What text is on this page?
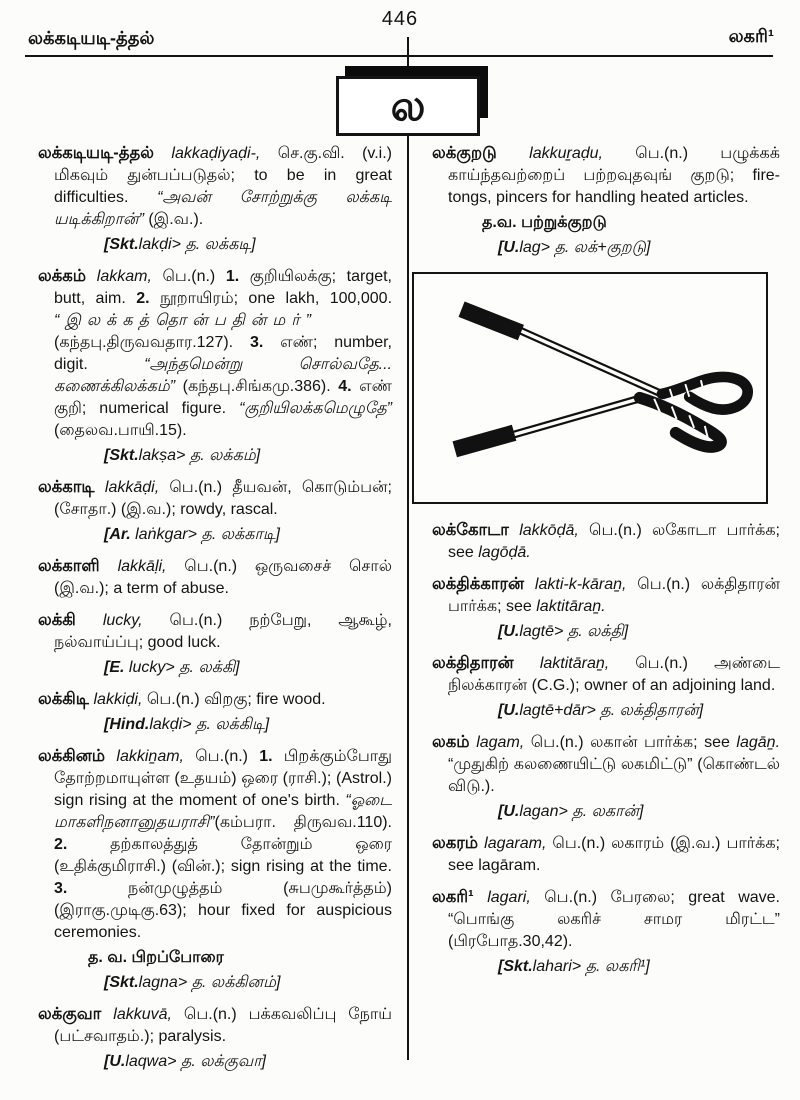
லக்கடியடி-த்தல்
446
லகரி¹
ல

லக்கடியடி-த்தல் lakkaḍiyaḍi-, செ.கு.வி. (v.i.) மிகவும் துன்பப்படுதல்; to be in great difficulties. “அவன் சோற்றுக்கு லக்கடி யடிக்கிறான்” (இ.வ.).

[Skt.lakḍi> த. லக்கடி]

லக்கம் lakkam, பெ.(n.) 1. குறியிலக்கு; target, butt, aim. 2. நூறாயிரம்; one lakh, 100,000. “இலக்கத்தொன்பதின்மர்” (கந்தபு.திருவவதார.127). 3. எண்; number, digit. “அந்தமென்று சொல்வதே... கணைக்கிலக்கம்” (கந்தபு.சிங்கமு.386). 4. எண் குறி; numerical figure. “குறியிலக்கமெழுதே” (தைலவ.பாயி.15).

[Skt.lakṣa> த. லக்கம்]

லக்காடி lakkāḍi, பெ.(n.) தீயவன், கொடும்பன்; (சோதா.) (இ.வ.); rowdy, rascal.

[Ar. laṅkgar> த. லக்காடி]

லக்காளி lakkāḷi, பெ.(n.) ஒருவசைச் சொல் (இ.வ.); a term of abuse.

லக்கி lucky, பெ.(n.) நற்பேறு, ஆகூழ், நல்வாய்ப்பு; good luck.

[E. lucky> த. லக்கி]

லக்கிடி lakkiḍi, பெ.(n.) விறகு; fire wood.

[Hind.lakḍi> த. லக்கிடி]

லக்கினம் lakkiṉam, பெ.(n.) 1. பிறக்கும்போது தோற்றமாயுள்ள (உதயம்) ஒரை (ராசி.); (Astrol.) sign rising at the moment of one's birth. “ஓடை மாகளிநனானுதயராசி”(கம்பரா. திருவவ.110). 2. தற்காலத்துத் தோன்றும் ஒரை (உதிக்குமிராசி.) (வின்.); sign rising at the time. 3. நன்முழுத்தம் (சுபமுகூர்த்தம்) (இராகு.முடிகு.63); hour fixed for auspicious ceremonies.

த. வ. பிறப்போரை

[Skt.lagna> த. லக்கினம்]

லக்குவா lakkuvā, பெ.(n.) பக்கவலிப்பு நோய் (பட்சவாதம்.); paralysis.

[U.laqwa> த. லக்குவா]

லக்குறடு lakkuṟaḍu, பெ.(n.) பழுக்கக் காய்ந்தவற்றைப் பற்றவுதவுங் குறடு; fire-tongs, pincers for handling heated articles.

த.வ. பற்றுக்குறடு

[U.lag> த. லக்+குறடு]

லக்கோடா lakkōḍā, பெ.(n.) லகோடா பார்க்க; see lagōḍā.

லக்திக்காரன் lakti-k-kāraṉ, பெ.(n.) லக்திதாரன் பார்க்க; see laktitāraṉ.

[U.lagtē> த. லக்தி]

லக்திதாரன் laktitāraṉ, பெ.(n.) அண்டை நிலக்காரன் (C.G.); owner of an adjoining land.

[U.lagtē+dār> த. லக்திதாரன்]

லகம் lagam, பெ.(n.) லகான் பார்க்க; see lagāṉ. “முதுகிற் கலணையிட்டு லகமிட்டு” (கொண்டல் விடு.).

[U.lagan> த. லகான்]

லகரம் lagaram, பெ.(n.) லகாரம் (இ.வ.) பார்க்க; see lagāram.

லகரி¹ lagari, பெ.(n.) பேரலை; great wave. “பொங்கு லகரிச் சாமர மிரட்ட” (பிரபோத.30,42).

[Skt.lahari> த. லகரி¹]
